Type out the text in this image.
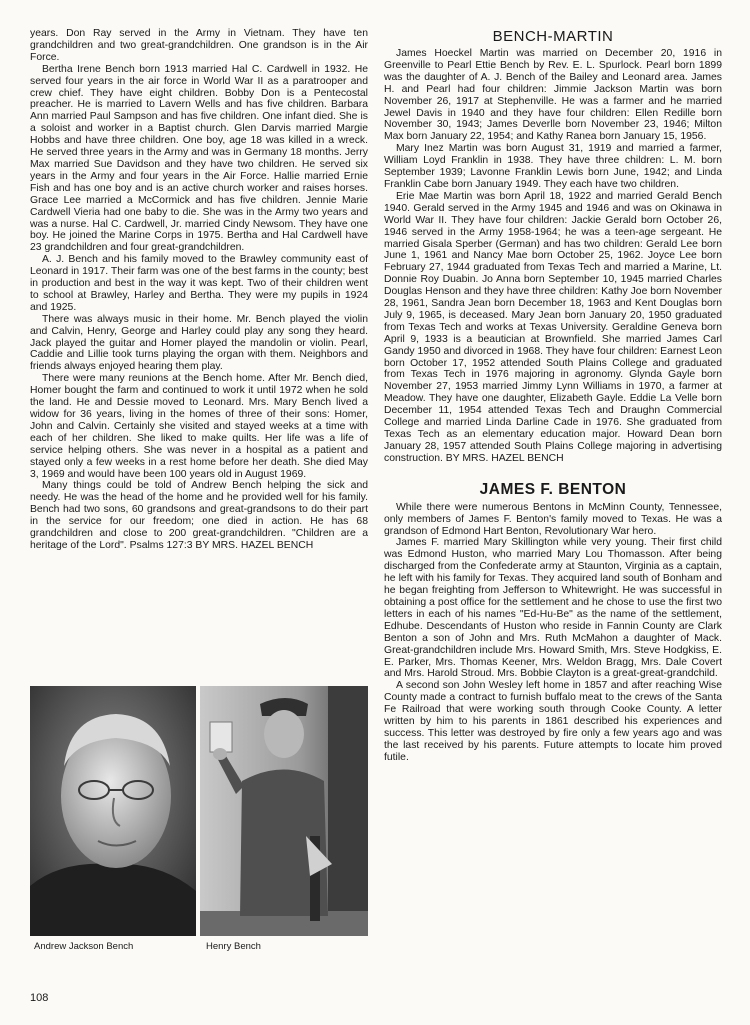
years. Don Ray served in the Army in Vietnam. They have ten grandchildren and two great-grandchildren. One grandson is in the Air Force.

Bertha Irene Bench born 1913 married Hal C. Cardwell in 1932. He served four years in the air force in World War II as a paratrooper and crew chief. They have eight children. Bobby Don is a Pentecostal preacher. He is married to Lavern Wells and has five children. Barbara Ann married Paul Sampson and has five children. One infant died. She is a soloist and worker in a Baptist church. Glen Darvis married Margie Hobbs and have three children. One boy, age 18 was killed in a wreck. He served three years in the Army and was in Germany 18 months. Jerry Max married Sue Davidson and they have two children. He served six years in the Army and four years in the Air Force. Hallie married Ernie Fish and has one boy and is an active church worker and raises horses. Grace Lee married a McCormick and has five children. Jennie Marie Cardwell Vieria had one baby to die. She was in the Army two years and was a nurse. Hal C. Cardwell, Jr. married Cindy Newsom. They have one boy. He joined the Marine Corps in 1975. Bertha and Hal Cardwell have 23 grandchildren and four great-grandchildren.

A. J. Bench and his family moved to the Brawley community east of Leonard in 1917. Their farm was one of the best farms in the county; best in production and best in the way it was kept. Two of their children went to school at Brawley, Harley and Bertha. They were my pupils in 1924 and 1925.

There was always music in their home. Mr. Bench played the violin and Calvin, Henry, George and Harley could play any song they heard. Jack played the guitar and Homer played the mandolin or violin. Pearl, Caddie and Lillie took turns playing the organ with them. Neighbors and friends always enjoyed hearing them play.

There were many reunions at the Bench home. After Mr. Bench died, Homer bought the farm and continued to work it until 1972 when he sold the land. He and Dessie moved to Leonard. Mrs. Mary Bench lived a widow for 36 years, living in the homes of three of their sons: Homer, John and Calvin. Certainly she visited and stayed weeks at a time with each of her children. She liked to make quilts. Her life was a life of service helping others. She was never in a hospital as a patient and stayed only a few weeks in a rest home before her death. She died May 3, 1969 and would have been 100 years old in August 1969.

Many things could be told of Andrew Bench helping the sick and needy. He was the head of the home and he provided well for his family. Bench had two sons, 60 grandsons and great-grandsons to do their part in the service for our freedom; one died in action. He has 68 grandchildren and close to 200 great-grandchildren. "Children are a heritage of the Lord". Psalms 127:3 BY MRS. HAZEL BENCH

BENCH-MARTIN

James Hoeckel Martin was married on December 20, 1916 in Greenville to Pearl Ettie Bench by Rev. E. L. Spurlock. Pearl born 1899 was the daughter of A. J. Bench of the Bailey and Leonard area. James H. and Pearl had four children: Jimmie Jackson Martin was born November 26, 1917 at Stephenville. He was a farmer and he married Jewel Davis in 1940 and they have four children: Ellen Redille born November 30, 1943; James Deverlle born November 23, 1946; Milton Max born January 22, 1954; and Kathy Ranea born January 15, 1956.

Mary Inez Martin was born August 31, 1919 and married a farmer, William Loyd Franklin in 1938. They have three children: L. M. born September 1939; Lavonne Franklin Lewis born June, 1942; and Linda Franklin Cabe born January 1949. They each have two children.

Erie Mae Martin was born April 18, 1922 and married Gerald Bench 1940. Gerald served in the Army 1945 and 1946 and was on Okinawa in World War II. They have four children: Jackie Gerald born October 26, 1946 served in the Army 1958-1964; he was a teen-age sergeant. He married Gisala Sperber (German) and has two children: Gerald Lee born June 1, 1961 and Nancy Mae born October 25, 1962. Joyce Lee born February 27, 1944 graduated from Texas Tech and married a Marine, Lt. Donnie Roy Duabin. Jo Anna born September 10, 1945 married Charles Douglas Henson and they have three children: Kathy Joe born November 28, 1961, Sandra Jean born December 18, 1963 and Kent Douglas born July 9, 1965, is deceased. Mary Jean born January 20, 1950 graduated from Texas Tech and works at Texas University. Geraldine Geneva born April 9, 1933 is a beautician at Brownfield. She married James Carl Gandy 1950 and divorced in 1968. They have four children: Earnest Leon born October 17, 1952 attended South Plains College and graduated from Texas Tech in 1976 majoring in agronomy. Glynda Gayle born November 27, 1953 married Jimmy Lynn Williams in 1970, a farmer at Meadow. They have one daughter, Elizabeth Gayle. Eddie La Velle born December 11, 1954 attended Texas Tech and Draughn Commercial College and married Linda Darline Cade in 1976. She graduated from Texas Tech as an elementary education major. Howard Dean born January 28, 1957 attended South Plains College majoring in advertising construction. BY MRS. HAZEL BENCH

JAMES F. BENTON

While there were numerous Bentons in McMinn County, Tennessee, only members of James F. Benton's family moved to Texas. He was a grandson of Edmond Hart Benton, Revolutionary War hero.

James F. married Mary Skillington while very young. Their first child was Edmond Huston, who married Mary Lou Thomasson. After being discharged from the Confederate army at Staunton, Virginia as a captain, he left with his family for Texas. They acquired land south of Bonham and he began freighting from Jefferson to Whitewright. He was successful in obtaining a post office for the settlement and he chose to use the first two letters in each of his names "Ed-Hu-Be" as the name of the settlement, Edhube. Descendants of Huston who reside in Fannin County are Clark Benton a son of John and Mrs. Ruth McMahon a daughter of Mack. Great-grandchildren include Mrs. Howard Smith, Mrs. Steve Hodgkiss, E. E. Parker, Mrs. Thomas Keener, Mrs. Weldon Bragg, Mrs. Dale Covert and Mrs. Harold Stroud. Mrs. Bobbie Clayton is a great-great-grandchild.

A second son John Wesley left home in 1857 and after reaching Wise County made a contract to furnish buffalo meat to the crews of the Santa Fe Railroad that were working south through Cooke County. A letter written by him to his parents in 1861 described his experiences and success. This letter was destroyed by fire only a few years ago and was the last received by his parents. Future attempts to locate him proved futile.

Andrew Jackson Bench	Henry Bench
108
